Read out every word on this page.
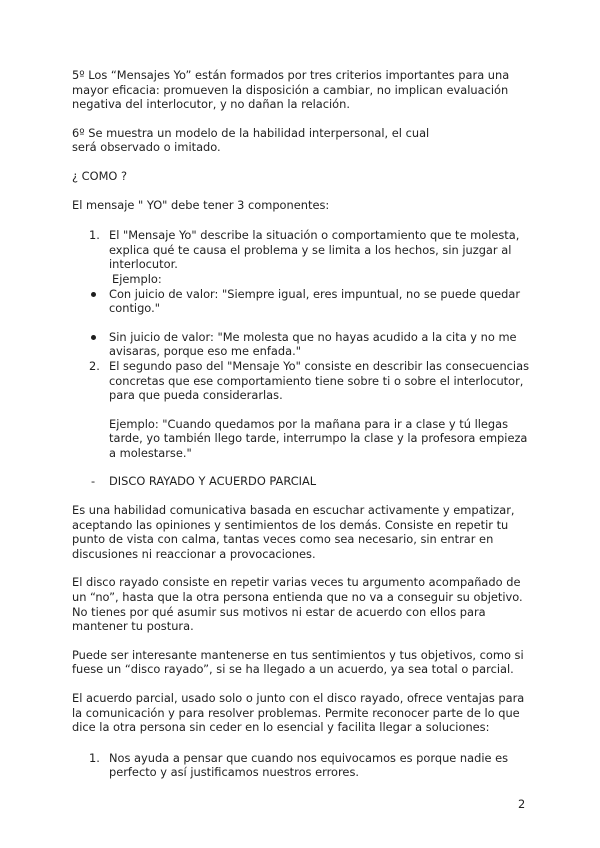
5º Los “Mensajes Yo” están formados por tres criterios importantes para una mayor eficacia: promueven la disposición a cambiar, no implican evaluación negativa del interlocutor, y no dañan la relación.

6º Se muestra un modelo de la habilidad interpersonal, el cual será observado o imitado.

¿ COMO ?

El mensaje " YO" debe tener 3 componentes:

1. El "Mensaje Yo" describe la situación o comportamiento que te molesta, explica qué te causa el problema y se limita a los hechos, sin juzgar al interlocutor.

Ejemplo:

Con juicio de valor: "Siempre igual, eres impuntual, no se puede quedar contigo."

Sin juicio de valor: "Me molesta que no hayas acudido a la cita y no me avisaras, porque eso me enfada."

2. El segundo paso del "Mensaje Yo" consiste en describir las consecuencias concretas que ese comportamiento tiene sobre ti o sobre el interlocutor, para que pueda considerarlas.

Ejemplo: "Cuando quedamos por la mañana para ir a clase y tú llegas tarde, yo también llego tarde, interrumpo la clase y la profesora empieza a molestarse."

- DISCO RAYADO Y ACUERDO PARCIAL

Es una habilidad comunicativa basada en escuchar activamente y empatizar, aceptando las opiniones y sentimientos de los demás. Consiste en repetir tu punto de vista con calma, tantas veces como sea necesario, sin entrar en discusiones ni reaccionar a provocaciones.

El disco rayado consiste en repetir varias veces tu argumento acompañado de un “no”, hasta que la otra persona entienda que no va a conseguir su objetivo. No tienes por qué asumir sus motivos ni estar de acuerdo con ellos para mantener tu postura.

Puede ser interesante mantenerse en tus sentimientos y tus objetivos, como si fuese un “disco rayado”, si se ha llegado a un acuerdo, ya sea total o parcial.

El acuerdo parcial, usado solo o junto con el disco rayado, ofrece ventajas para la comunicación y para resolver problemas. Permite reconocer parte de lo que dice la otra persona sin ceder en lo esencial y facilita llegar a soluciones:

1. Nos ayuda a pensar que cuando nos equivocamos es porque nadie es perfecto y así justificamos nuestros errores.

2
